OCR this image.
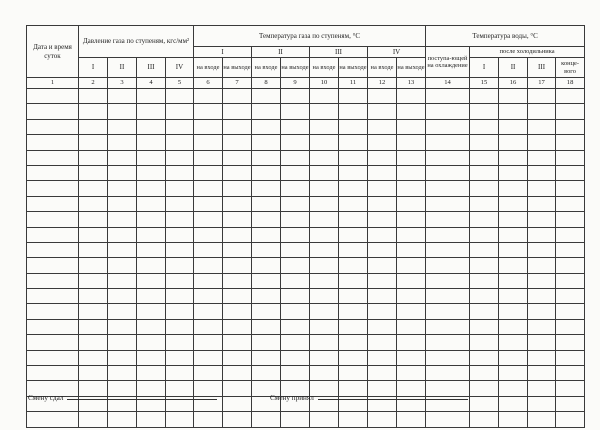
Дата и время суток	Давление газа по ступеням, кгс/мм²				Температура газа по ступеням, °С								Температура воды, °С				
					I		II		III		IV		поступа-ющей на охлаждение	после холодильника			
	I	II	III	IV	на входе	на выходе	на входе	на выходе	на входе	на выходе	на входе	на выходе		I	II	III	конце-вого
1	2	3	4	5	6	7	8	9	10	11	12	13	14	15	16	17	18

Смену сдал	Смену принял
